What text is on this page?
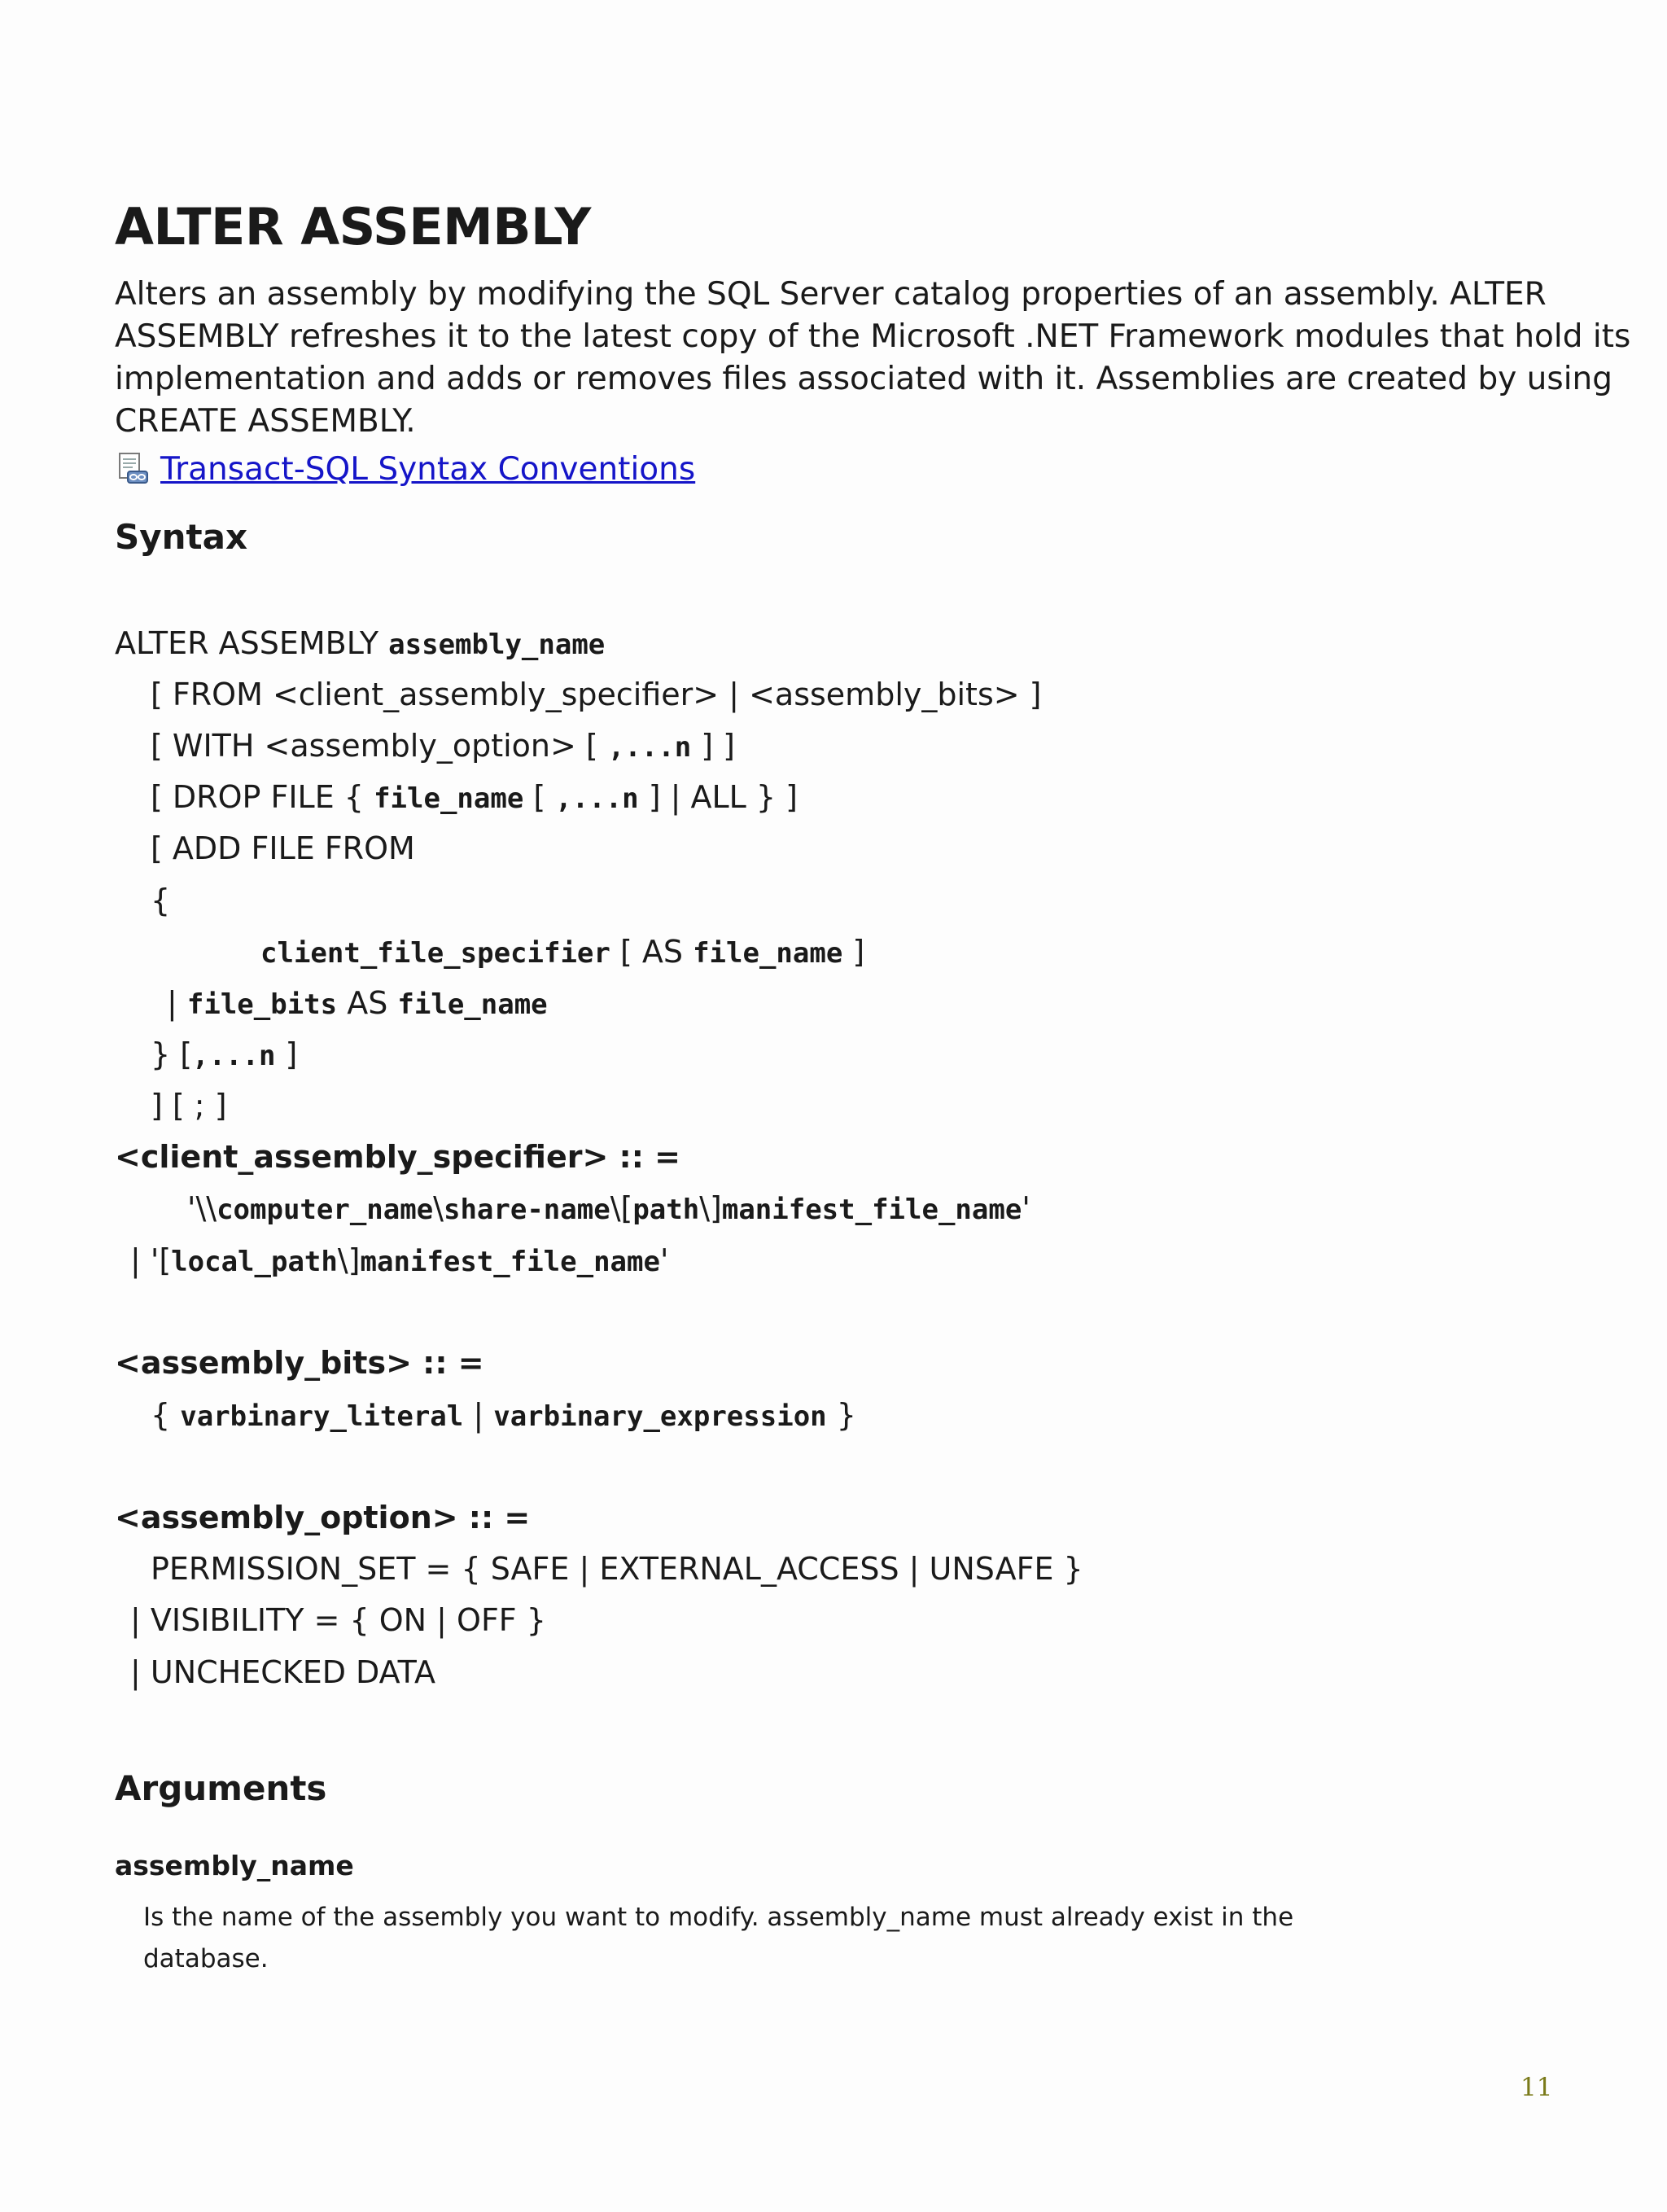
ALTER ASSEMBLY

Alters an assembly by modifying the SQL Server catalog properties of an assembly. ALTER
ASSEMBLY refreshes it to the latest copy of the Microsoft .NET Framework modules that hold its
implementation and adds or removes files associated with it. Assemblies are created by using
CREATE ASSEMBLY.

Transact-SQL Syntax Conventions
Syntax
ALTER ASSEMBLY assembly_name
[ FROM <client_assembly_specifier> | <assembly_bits> ]
[ WITH <assembly_option> [ ,...n ] ]
[ DROP FILE { file_name [ ,...n ] | ALL } ]
[ ADD FILE FROM
{
client_file_specifier [ AS file_name ]
| file_bits AS file_name
} [,...n ]
] [ ; ]
<client_assembly_specifier> :: =
'\\computer_name\share-name\[path\]manifest_file_name'
| '[local_path\]manifest_file_name'
<assembly_bits> :: =
{ varbinary_literal | varbinary_expression }
<assembly_option> :: =
PERMISSION_SET = { SAFE | EXTERNAL_ACCESS | UNSAFE }
| VISIBILITY = { ON | OFF }
| UNCHECKED DATA
Arguments
assembly_name

Is the name of the assembly you want to modify. assembly_name must already exist in the
database.

11
